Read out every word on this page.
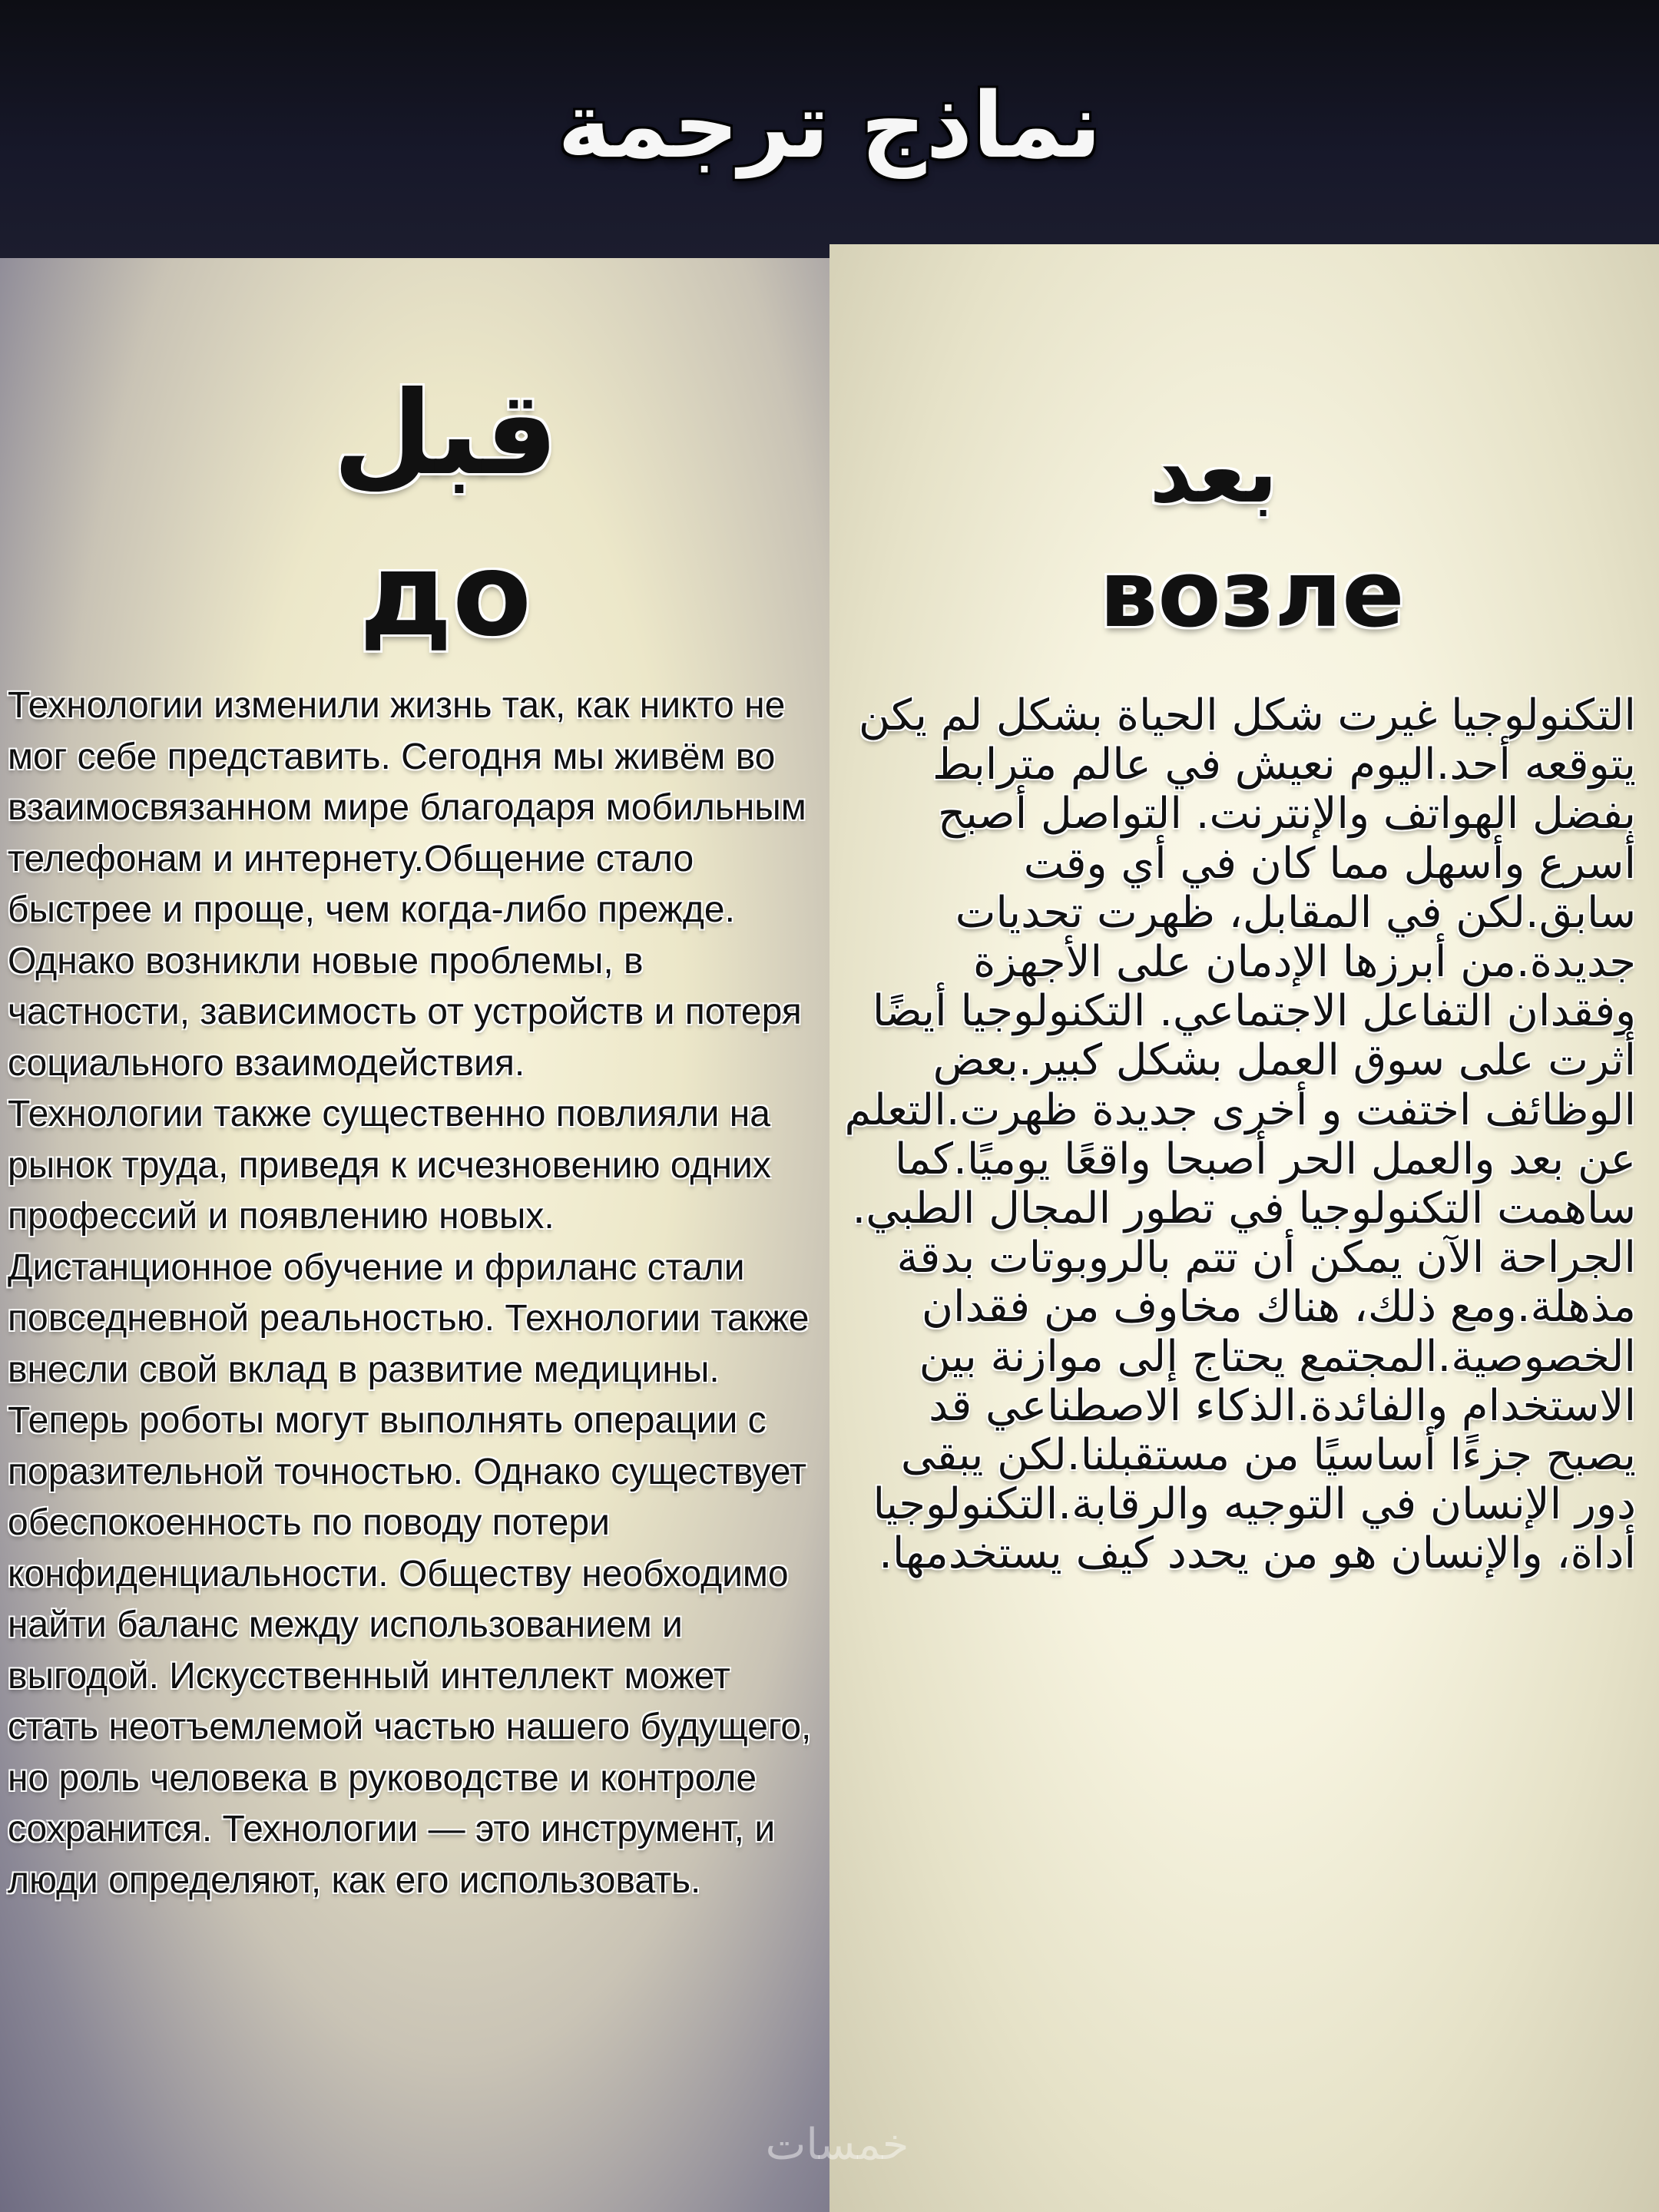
نماذج ترجمة
قبل
до
بعد
возле

Технологии изменили жизнь так, как никто не мог себе представить. Сегодня мы живём во взаимосвязанном мире благодаря мобильным телефонам и интернету.Общение стало быстрее и проще, чем когда-либо прежде. Однако возникли новые проблемы, в частности, зависимость от устройств и потеря социального взаимодействия.

Технологии также существенно повлияли на рынок труда, приведя к исчезновению одних профессий и появлению новых. Дистанционное обучение и фриланс стали повседневной реальностью. Технологии также внесли свой вклад в развитие медицины. Теперь роботы могут выполнять операции с поразительной точностью. Однако существует обеспокоенность по поводу потери конфиденциальности. Обществу необходимо найти баланс между использованием и выгодой. Искусственный интеллект может стать неотъемлемой частью нашего будущего, но роль человека в руководстве и контроле сохранится. Технологии — это инструмент, и люди определяют, как его использовать.

التكنولوجيا غيرت شكل الحياة بشكل لم يكن يتوقعه أحد.اليوم نعيش في عالم مترابط بفضل الهواتف والإنترنت. التواصل أصبح أسرع وأسهل مما كان في أي وقت سابق.لكن في المقابل، ظهرت تحديات جديدة.من أبرزها الإدمان على الأجهزة وفقدان التفاعل الاجتماعي. التكنولوجيا أيضًا أثرت على سوق العمل بشكل كبير.بعض الوظائف اختفت و أخرى جديدة ظهرت.التعلم عن بعد والعمل الحر أصبحا واقعًا يوميًا.كما ساهمت التكنولوجيا في تطور المجال الطبي. الجراحة الآن يمكن أن تتم بالروبوتات بدقة مذهلة.ومع ذلك، هناك مخاوف من فقدان الخصوصية.المجتمع يحتاج إلى موازنة بين الاستخدام والفائدة.الذكاء الاصطناعي قد يصبح جزءًا أساسيًا من مستقبلنا.لكن يبقى دور الإنسان في التوجيه والرقابة.التكنولوجيا أداة، والإنسان هو من يحدد كيف يستخدمها.

خمسات
